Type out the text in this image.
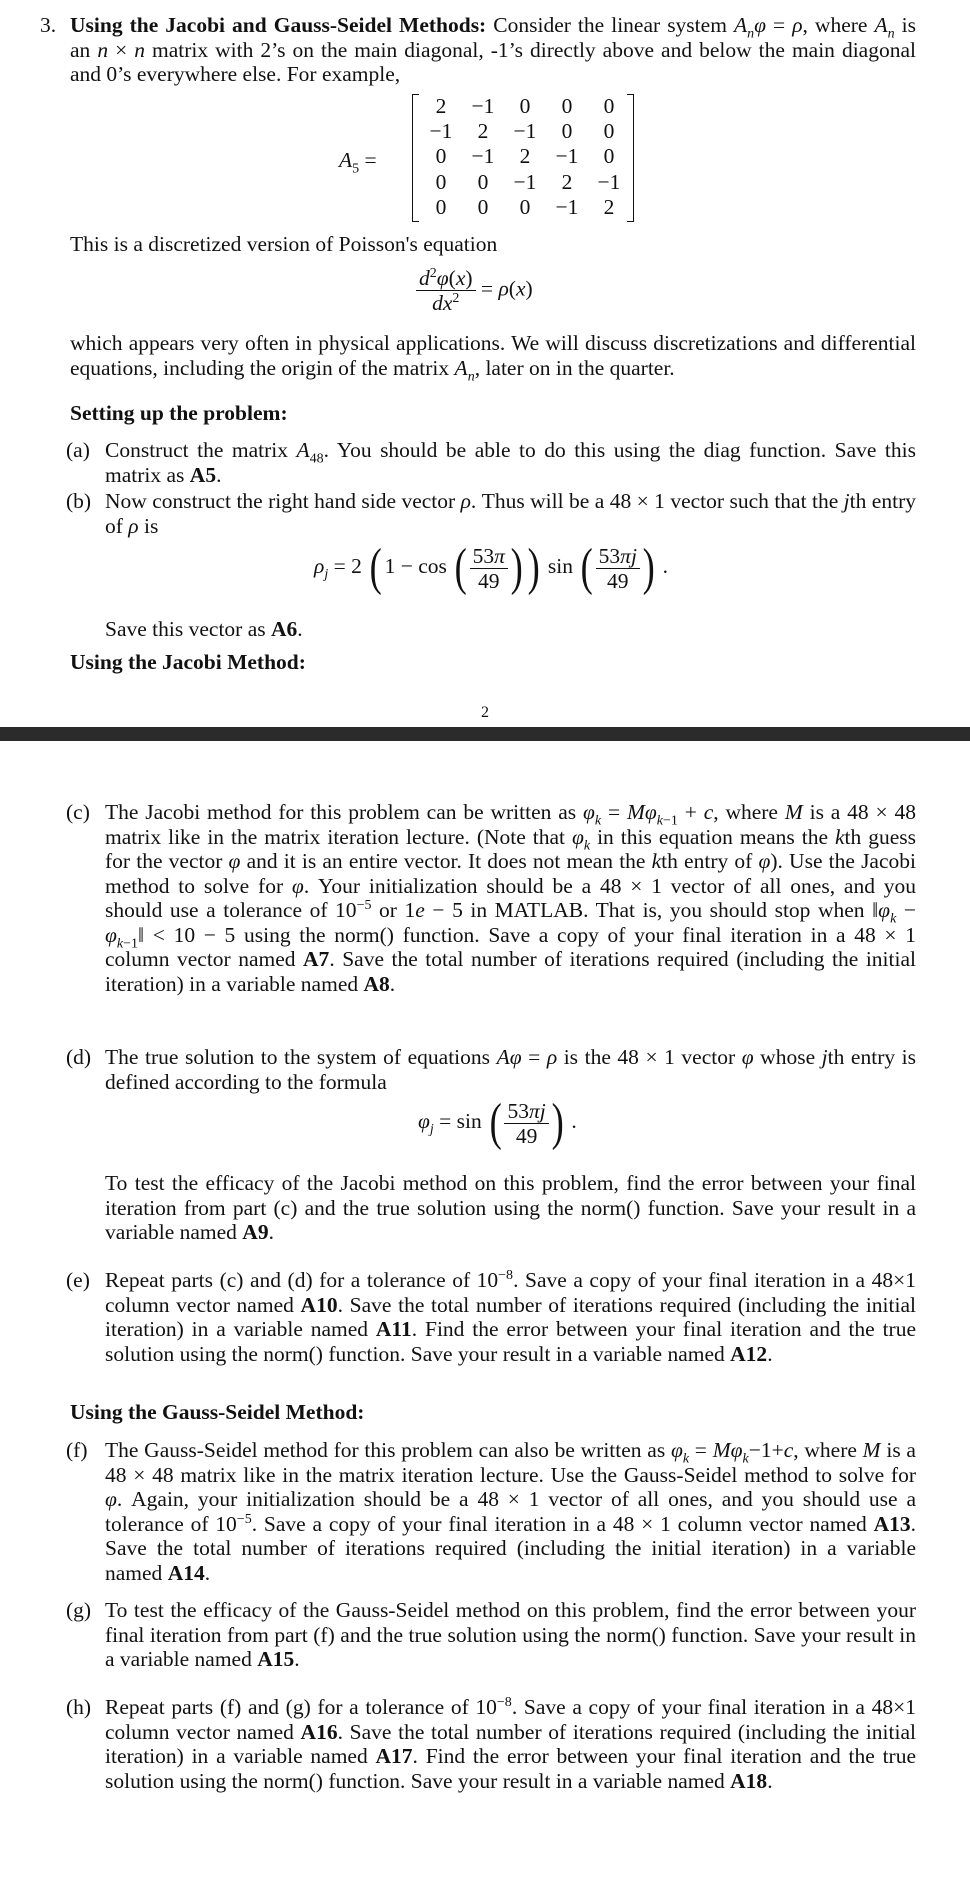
3. Using the Jacobi and Gauss-Seidel Methods: Consider the linear system $A_n\varphi = \rho$, where $A_n$ is an n × n matrix with 2’s on the main diagonal, -1’s directly above and below the main diagonal and 0’s everywhere else. For example,
$A_5$ =
2	−1	0	0	0
−1	2	−1	0	0
0	−1	2	−1	0
0	0	−1	2	−1
0	0	0	−1	2
This is a discretized version of Poisson's equation
$\frac{d^2\varphi(x)}{dx^2} = \rho(x)$
which appears very often in physical applications. We will discuss discretizations and differential equations, including the origin of the matrix $A_n$, later on in the quarter.
Setting up the problem:
(a) Construct the matrix $A_{48}$. You should be able to do this using the diag function. Save this matrix as A5.
(b) Now construct the right hand side vector ρ. Thus will be a 48 × 1 vector such that the jth entry of ρ is
$\rho_j = 2$ ( 1 − cos ( $\frac{53\pi}{49}$ )) sin ( $\frac{53\pi j}{49}$ ) .
Save this vector as A6.
Using the Jacobi Method:
2
(c) The Jacobi method for this problem can be written as $\varphi_k = M\varphi_{k-1} + c$, where M is a 48 × 48 matrix like in the matrix iteration lecture. (Note that $\varphi_k$ in this equation means the kth guess for the vector φ and it is an entire vector. It does not mean the kth entry of φ). Use the Jacobi method to solve for φ. Your initialization should be a 48 × 1 vector of all ones, and you should use a tolerance of $10^{-5}$ or 1e − 5 in MATLAB. That is, you should stop when $‖\varphi_k$ − $\varphi_{k-1}‖ < 10 - 5$ using the norm() function. Save a copy of your final iteration in a 48 × 1 column vector named A7. Save the total number of iterations required (including the initial iteration) in a variable named A8.
(d) The true solution to the system of equations Aφ = ρ is the 48 × 1 vector φ whose jth entry is defined according to the formula
$\varphi_j = \sin$ ( $\frac{53\pi j}{49}$ ) .
To test the efficacy of the Jacobi method on this problem, find the error between your final iteration from part (c) and the true solution using the norm() function. Save your result in a variable named A9.
(e) Repeat parts (c) and (d) for a tolerance of $10^{-8}$. Save a copy of your final iteration in a 48×1 column vector named A10. Save the total number of iterations required (including the initial iteration) in a variable named A11. Find the error between your final iteration and the true solution using the norm() function. Save your result in a variable named A12.
Using the Gauss-Seidel Method:
(f) The Gauss-Seidel method for this problem can also be written as $\varphi_k = M\varphi_k-1+c$, where M is a 48 × 48 matrix like in the matrix iteration lecture. Use the Gauss-Seidel method to solve for φ. Again, your initialization should be a 48 × 1 vector of all ones, and you should use a tolerance of $10^{-5}$. Save a copy of your final iteration in a 48 × 1 column vector named A13. Save the total number of iterations required (including the initial iteration) in a variable named A14.
(g) To test the efficacy of the Gauss-Seidel method on this problem, find the error between your final iteration from part (f) and the true solution using the norm() function. Save your result in a variable named A15.
(h) Repeat parts (f) and (g) for a tolerance of $10^{-8}$. Save a copy of your final iteration in a 48×1 column vector named A16. Save the total number of iterations required (including the initial iteration) in a variable named A17. Find the error between your final iteration and the true solution using the norm() function. Save your result in a variable named A18.
